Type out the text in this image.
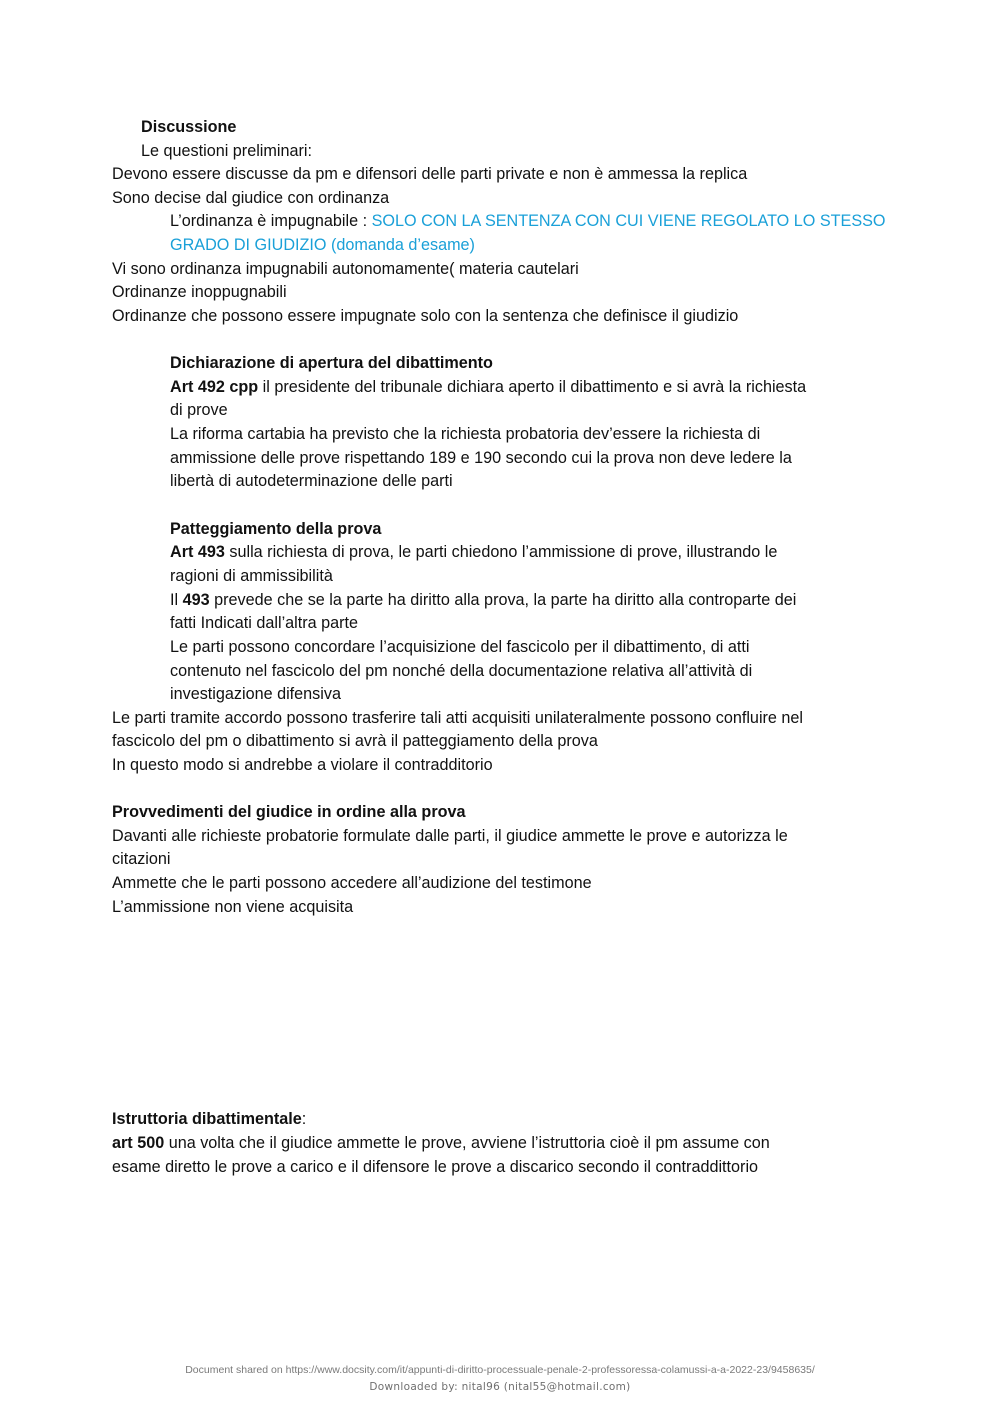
Discussione
Le questioni preliminari:
Devono essere discusse da pm e difensori delle parti private e non è ammessa la replica
Sono decise dal giudice con ordinanza
L’ordinanza è impugnabile : SOLO CON LA SENTENZA CON CUI VIENE REGOLATO LO STESSO
GRADO DI GIUDIZIO (domanda d’esame)
Vi sono ordinanza impugnabili autonomamente( materia cautelari
Ordinanze inoppugnabili
Ordinanze che possono essere impugnate solo con la sentenza che definisce il giudizio
Dichiarazione di apertura del dibattimento
Art 492 cpp il presidente del tribunale dichiara aperto il dibattimento e si avrà la richiesta
di prove
La riforma cartabia ha previsto che la richiesta probatoria dev’essere la richiesta di
ammissione delle prove rispettando 189 e 190 secondo cui la prova non deve ledere la
libertà di autodeterminazione delle parti
Patteggiamento della prova
Art 493 sulla richiesta di prova, le parti chiedono l’ammissione di prove, illustrando le
ragioni di ammissibilità
Il 493 prevede che se la parte ha diritto alla prova, la parte ha diritto alla controparte dei
fatti Indicati dall’altra parte
Le parti possono concordare l’acquisizione del fascicolo per il dibattimento, di atti
contenuto nel fascicolo del pm nonché della documentazione relativa all’attività di
investigazione difensiva
Le parti tramite accordo possono trasferire tali atti acquisiti unilateralmente possono confluire nel
fascicolo del pm o dibattimento si avrà il patteggiamento della prova
In questo modo si andrebbe a violare il contradditorio
Provvedimenti del giudice in ordine alla prova
Davanti alle richieste probatorie formulate dalle parti, il giudice ammette le prove e autorizza le
citazioni
Ammette che le parti possono accedere all’audizione del testimone
L’ammissione non viene acquisita
Istruttoria dibattimentale:
art 500 una volta che il giudice ammette le prove, avviene l’istruttoria cioè il pm assume con
esame diretto le prove a carico e il difensore le prove a discarico secondo il contraddittorio
Document shared on https://www.docsity.com/it/appunti-di-diritto-processuale-penale-2-professoressa-colamussi-a-a-2022-23/9458635/
Downloaded by: nital96 (nital55@hotmail.com)
